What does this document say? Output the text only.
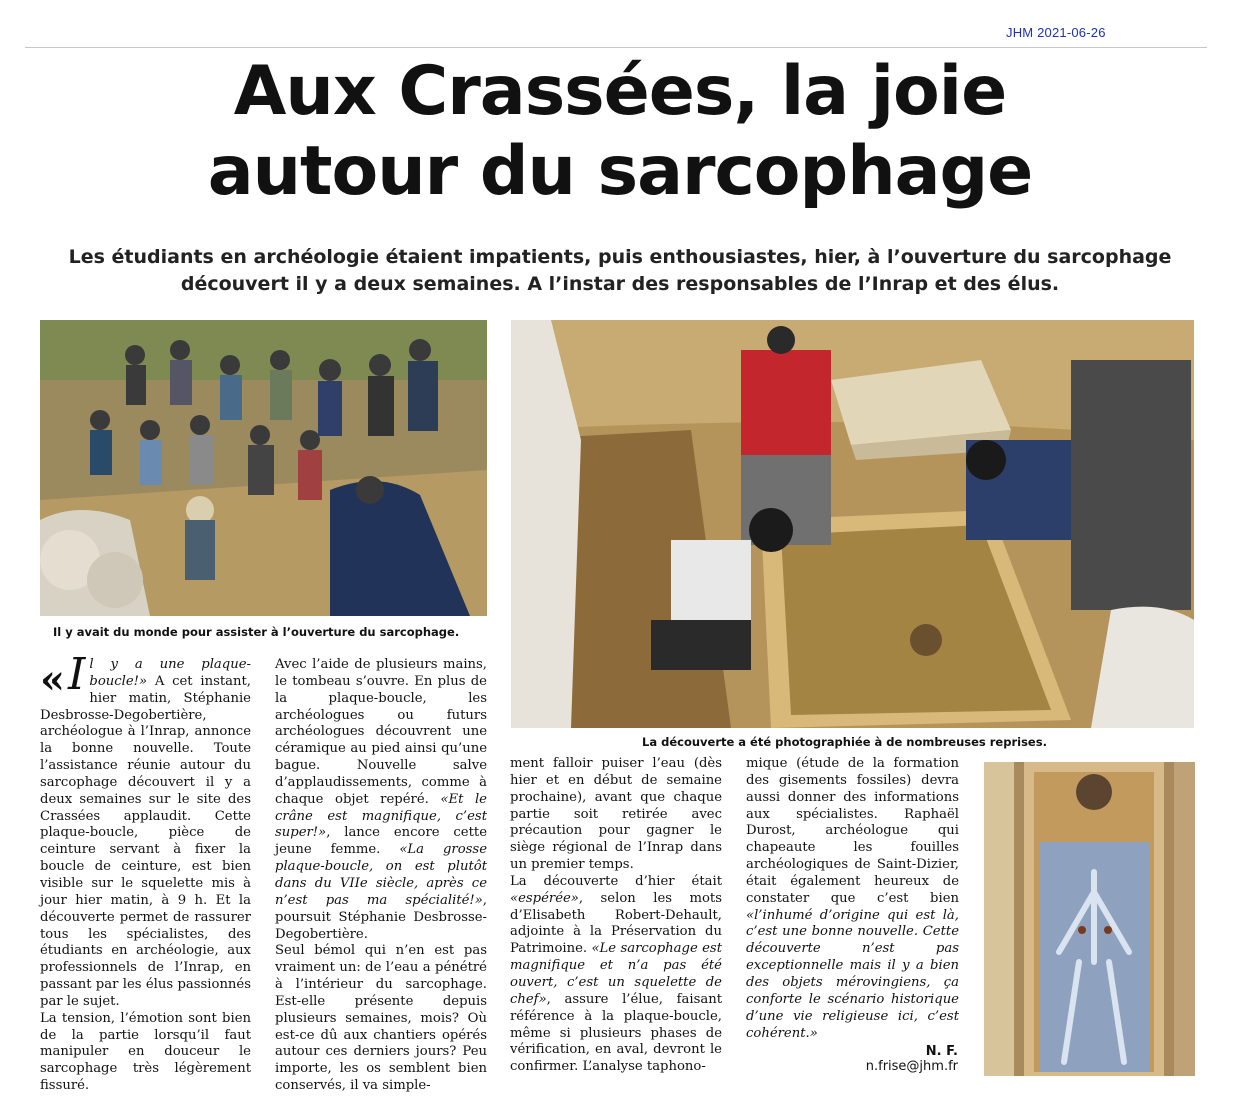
JHM 2021-06-26
Aux Crassées, la joie
autour du sarcophage
Les étudiants en archéologie étaient impatients, puis enthousiastes, hier, à l’ouverture du sarcophage
découvert il y a deux semaines. A l’instar des responsables de l’Inrap et des élus.
Il y avait du monde pour assister à l’ouverture du sarcophage.
La découverte a été photographiée à de nombreuses reprises.

« I l y a une plaque-boucle!» A cet instant, hier matin, Stéphanie Desbrosse-Degobertière, archéologue à l’Inrap, annonce la bonne nouvelle. Toute l’assistance réunie autour du sarcophage découvert il y a deux semaines sur le site des Crassées applaudit. Cette plaque-boucle, pièce de ceinture servant à fixer la boucle de ceinture, est bien visible sur le squelette mis à jour hier matin, à 9 h. Et la découverte permet de rassurer tous les spécialistes, des étudiants en archéologie, aux professionnels de l’Inrap, en passant par les élus passionnés par le sujet.

La tension, l’émotion sont bien de la partie lorsqu’il faut manipuler en douceur le sarcophage très légèrement fissuré.

Avec l’aide de plusieurs mains, le tombeau s’ouvre. En plus de la plaque-boucle, les archéologues ou futurs archéologues découvrent une céramique au pied ainsi qu’une bague. Nouvelle salve d’applaudissements, comme à chaque objet repéré. «Et le crâne est magnifique, c’est super!», lance encore cette jeune femme. «La grosse plaque-boucle, on est plutôt dans du VIIe siècle, après ce n’est pas ma spécialité!», poursuit Stéphanie Desbrosse-Degobertière.

Seul bémol qui n’en est pas vraiment un: de l’eau a pénétré à l’intérieur du sarcophage. Est-elle présente depuis plusieurs semaines, mois? Où est-ce dû aux chantiers opérés autour ces derniers jours? Peu importe, les os semblent bien conservés, il va simple-

ment falloir puiser l’eau (dès hier et en début de semaine prochaine), avant que chaque partie soit retirée avec précaution pour gagner le siège régional de l’Inrap dans un premier temps.

La découverte d’hier était «espérée», selon les mots d’Elisabeth Robert-Dehault, adjointe à la Préservation du Patrimoine. «Le sarcophage est magnifique et n’a pas été ouvert, c’est un squelette de chef», assure l’élue, faisant référence à la plaque-boucle, même si plusieurs phases de vérification, en aval, devront le confirmer. L’analyse taphono-

mique (étude de la formation des gisements fossiles) devra aussi donner des informations aux spécialistes. Raphaël Durost, archéologue qui chapeaute les fouilles archéologiques de Saint-Dizier, était également heureux de constater que c’est bien «l’inhumé d’origine qui est là, c’est une bonne nouvelle. Cette découverte n’est pas exceptionnelle mais il y a bien des objets mérovingiens, ça conforte le scénario historique d’une vie religieuse ici, c’est cohérent.»

N. F.
n.frise@jhm.fr
